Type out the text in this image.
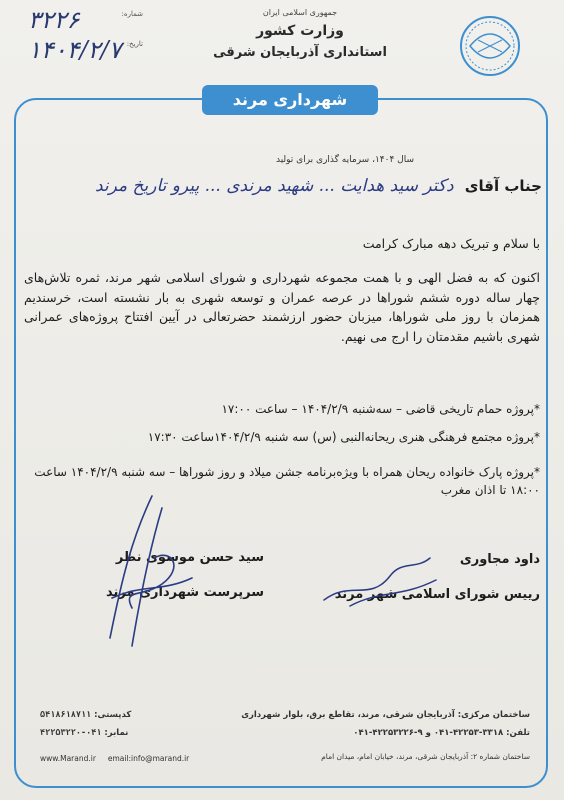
جمهوری اسلامی ایران
وزارت کشور
استانداری آذربایجان شرقی
شهرداری مرند
شماره:
۳۲۲۶
تاریخ:
۱۴۰۴/۲/۷
سال ۱۴۰۴، سرمایه گذاری برای تولید
جناب آقای دکتر سید هدایت ... شهید مرندی ... پیرو تاریخ مرند
با سلام و تبریک دهه مبارک کرامت
اکنون که به فضل الهی و با همت مجموعه شهرداری و شورای اسلامی شهر مرند، ثمره تلاش‌های چهار ساله دوره ششم شوراها در عرصه عمران و توسعه شهری به بار نشسته است، خرسندیم همزمان با روز ملی شوراها، میزبان حضور ارزشمند حضرتعالی در آیین افتتاح پروژه‌های عمرانی شهری باشیم مقدمتان را ارج می نهیم.
*پروژه حمام تاریخی قاضی – سه‌شنبه ۱۴۰۴/۲/۹ – ساعت ۱۷:۰۰
*پروژه مجتمع فرهنگی هنری ریحانه‌النبی (س) سه شنبه ۱۴۰۴/۲/۹ساعت ۱۷:۳۰
*پروژه پارک خانواده ریحان همراه با ویژه‌برنامه جشن میلاد و روز شوراها – سه شنبه ۱۴۰۴/۲/۹ ساعت ۱۸:۰۰ تا اذان مغرب
داود مجاوری
رییس شورای اسلامی شهر مرند
سید حسن موسوی نظر
سرپرست شهرداری مرند
ساختمان مرکزی: آذربایجان شرقی، مرند، تقاطع برق، بلوار شهرداری
تلفن: ۳۳۱۸-۴۲۲۵۳-۰۴۱ و ۹-۴۲۲۵۳۲۲۶-۰۴۱
ساختمان شماره ۲: آذربایجان شرقی، مرند، خیابان امام، میدان امام
کدپستی: ۵۴۱۸۶۱۸۷۱۱
نمابر: ۰۴۱-۴۲۲۵۳۲۲۰
www.Marand.ir email:info@marand.ir
